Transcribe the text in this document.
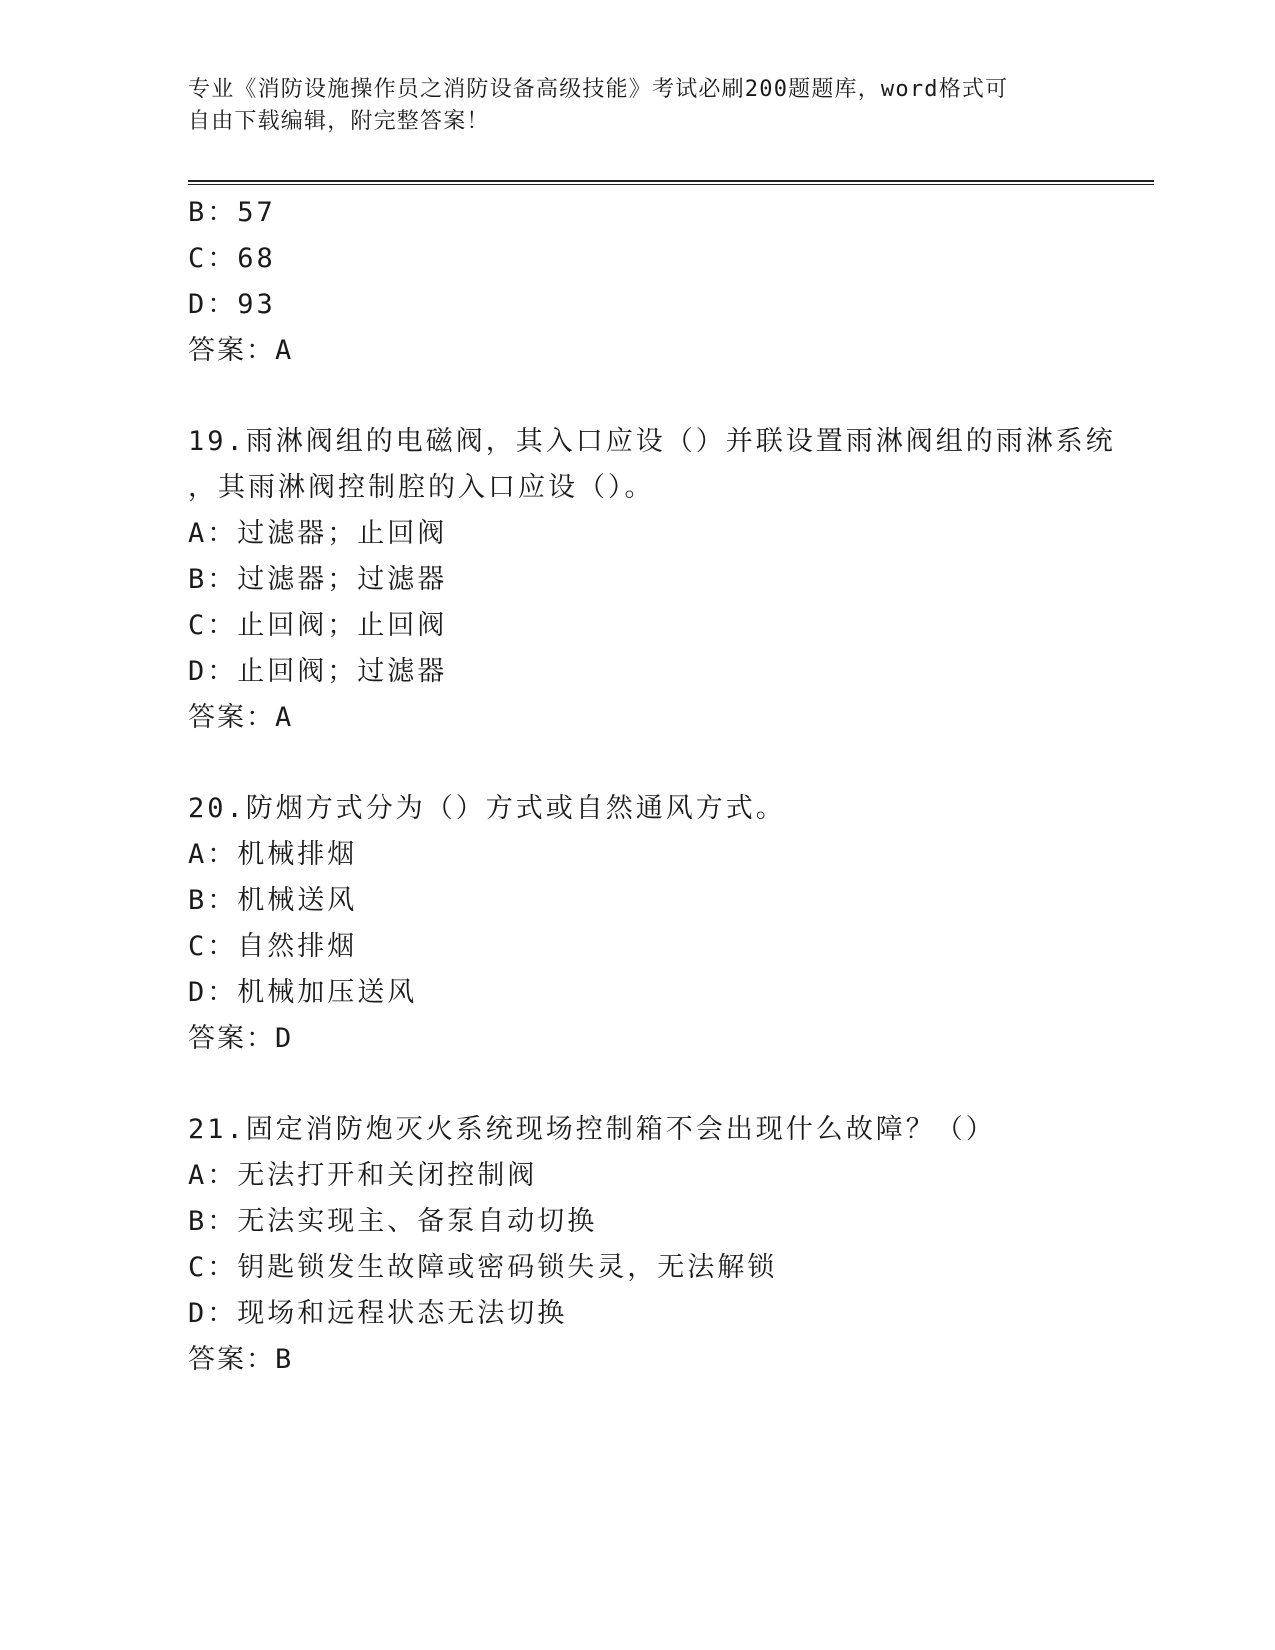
专业《消防设施操作员之消防设备高级技能》考试必刷200题题库，word格式可
自由下载编辑，附完整答案！
B：57
C：68
D：93
答案：A
19.雨淋阀组的电磁阀，其入口应设（）并联设置雨淋阀组的雨淋系统
，其雨淋阀控制腔的入口应设（）。
A：过滤器；止回阀
B：过滤器；过滤器
C：止回阀；止回阀
D：止回阀；过滤器
答案：A
20.防烟方式分为（）方式或自然通风方式。
A：机械排烟
B：机械送风
C：自然排烟
D：机械加压送风
答案：D
21.固定消防炮灭火系统现场控制箱不会出现什么故障？（）
A：无法打开和关闭控制阀
B：无法实现主、备泵自动切换
C：钥匙锁发生故障或密码锁失灵，无法解锁
D：现场和远程状态无法切换
答案：B
